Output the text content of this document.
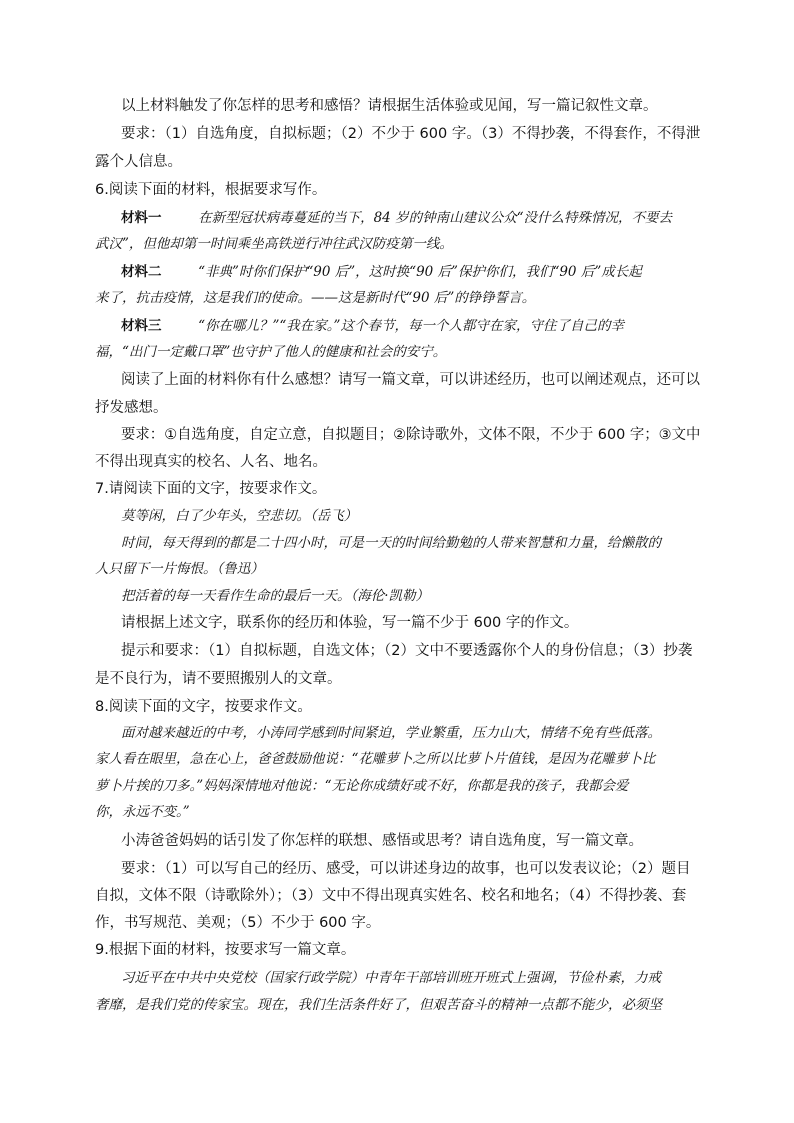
以上材料触发了你怎样的思考和感悟？请根据生活体验或见闻，写一篇记叙性文章。
要求：（1）自选角度，自拟标题；（2）不少于 600 字。（3）不得抄袭，不得套作，不得泄
露个人信息。
6.阅读下面的材料，根据要求写作。
材料一	在新型冠状病毒蔓延的当下，84 岁的钟南山建议公众“没什么特殊情况，不要去
武汉”，但他却第一时间乘坐高铁逆行冲往武汉防疫第一线。
材料二	“非典”时你们保护“90 后”，这时换“90 后”保护你们，我们“90 后”成长起
来了，抗击疫情，这是我们的使命。——这是新时代“90 后”的铮铮誓言。
材料三	“你在哪儿？”“我在家。”这个春节，每一个人都守在家，守住了自己的幸
福，“出门一定戴口罩”也守护了他人的健康和社会的安宁。
阅读了上面的材料你有什么感想？请写一篇文章，可以讲述经历，也可以阐述观点，还可以
抒发感想。
要求：①自选角度，自定立意，自拟题目；②除诗歌外，文体不限，不少于 600 字；③文中
不得出现真实的校名、人名、地名。
7.请阅读下面的文字，按要求作文。
莫等闲，白了少年头，空悲切。（岳飞）
时间，每天得到的都是二十四小时，可是一天的时间给勤勉的人带来智慧和力量，给懒散的
人只留下一片悔恨。（鲁迅）
把活着的每一天看作生命的最后一天。（海伦·凯勒）
请根据上述文字，联系你的经历和体验，写一篇不少于 600 字的作文。
提示和要求：（1）自拟标题，自选文体；（2）文中不要透露你个人的身份信息；（3）抄袭
是不良行为，请不要照搬别人的文章。
8.阅读下面的文字，按要求作文。
面对越来越近的中考，小涛同学感到时间紧迫，学业繁重，压力山大，情绪不免有些低落。
家人看在眼里，急在心上，爸爸鼓励他说：“花雕萝卜之所以比萝卜片值钱，是因为花雕萝卜比
萝卜片挨的刀多。”妈妈深情地对他说：“无论你成绩好或不好，你都是我的孩子，我都会爱
你，永远不变。”
小涛爸爸妈妈的话引发了你怎样的联想、感悟或思考？请自选角度，写一篇文章。
要求：（1）可以写自己的经历、感受，可以讲述身边的故事，也可以发表议论；（2）题目
自拟，文体不限（诗歌除外）；（3）文中不得出现真实姓名、校名和地名；（4）不得抄袭、套
作，书写规范、美观；（5）不少于 600 字。
9.根据下面的材料，按要求写一篇文章。
习近平在中共中央党校（国家行政学院）中青年干部培训班开班式上强调，节俭朴素，力戒
奢靡，是我们党的传家宝。现在，我们生活条件好了，但艰苦奋斗的精神一点都不能少，必须坚
